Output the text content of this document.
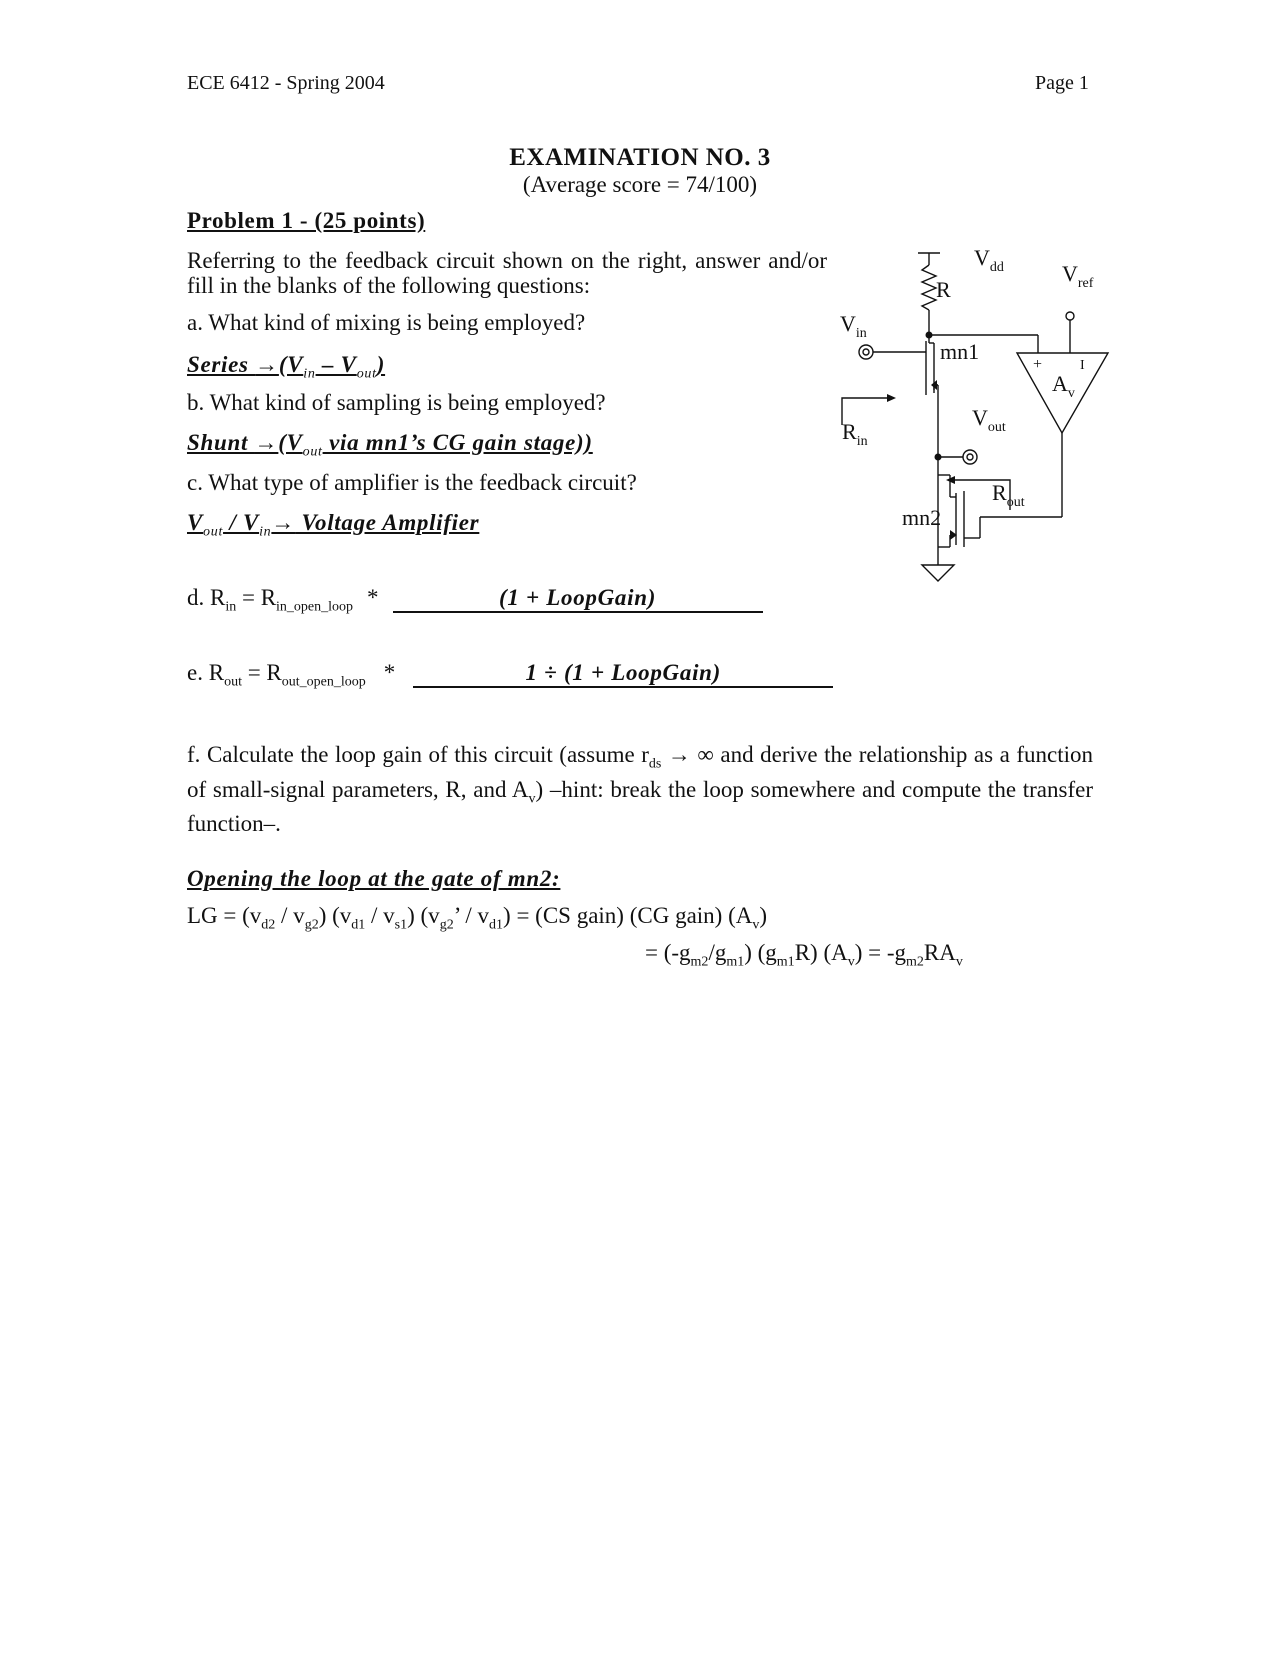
ECE 6412 - Spring 2004	Page 1
EXAMINATION NO. 3
(Average score = 74/100)
Problem 1 - (25 points)
Referring to the feedback circuit shown on the right, answer and/or fill in the blanks of the following questions:
a. What kind of mixing is being employed?
Series $\to(V_{in} - V_{out})$
b. What kind of sampling is being employed?
Shunt $\to(V_{out}$ via mn1’s CG gain stage))
c. What type of amplifier is the feedback circuit?
$V_{out} / V_{in}\to$ Voltage Amplifier
d. $R_{in} = R_{in\_open\_loop}$ *	(1 + LoopGain)
e. $R_{out} = R_{out\_open\_loop}$ *	1 ÷ (1 + LoopGain)
f. Calculate the loop gain of this circuit (assume $r_{ds}$ → ∞ and derive the relationship as a function of small-signal parameters, R, and $A_v$) –hint: break the loop somewhere and compute the transfer function–.
Opening the loop at the gate of mn2:
LG = $(v_{d2} / v_{g2})$ $(v_{d1} / v_{s1})$ ($v_{g2}$’ / $v_{d1}) = (CS$ gain) (CG gain) $(A_v)$
= $(-g_{m2}/g_{m1})$ $(g_{m1}R) (A_v) = -g_{m2}RA_v$
$V_{dd}$
R
$V_{ref}$
+	I
$A_v$
mn1
$V_{in}$
$R_{in}$
$V_{out}$
$R_{out}$
mn2
